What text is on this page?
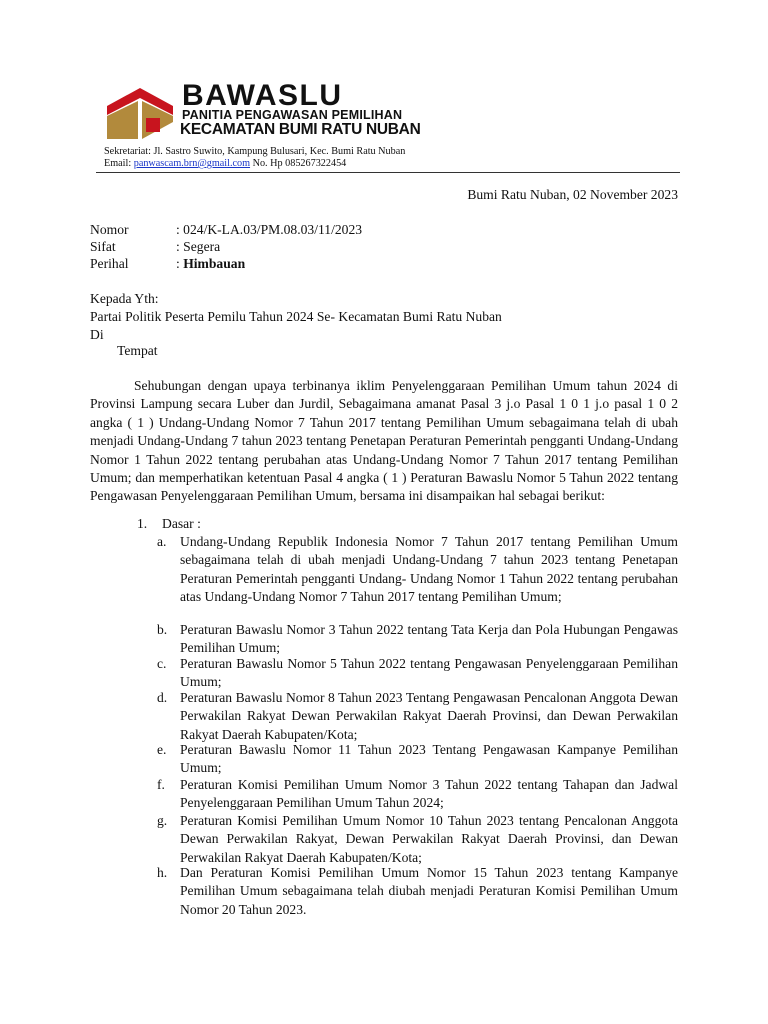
BAWASLU
PANITIA PENGAWASAN PEMILIHAN
KECAMATAN BUMI RATU NUBAN
Sekretariat: Jl. Sastro Suwito, Kampung Bulusari, Kec. Bumi Ratu Nuban
Email: panwascam.brn@gmail.com No. Hp 085267322454
Bumi Ratu Nuban, 02 November 2023
Nomor	: 024/K-LA.03/PM.08.03/11/2023
Sifat	: Segera
Perihal	: Himbauan
Kepada Yth:
Partai Politik Peserta Pemilu Tahun 2024 Se- Kecamatan Bumi Ratu Nuban
Di
Tempat
Sehubungan dengan upaya terbinanya iklim Penyelenggaraan Pemilihan Umum tahun 2024 di Provinsi Lampung secara Luber dan Jurdil, Sebagaimana amanat Pasal 3 j.o Pasal 1 0 1 j.o pasal 1 0 2 angka ( 1 ) Undang-Undang Nomor 7 Tahun 2017 tentang Pemilihan Umum sebagaimana telah di ubah menjadi Undang-Undang 7 tahun 2023 tentang Penetapan Peraturan Pemerintah pengganti Undang-Undang Nomor 1 Tahun 2022 tentang perubahan atas Undang-Undang Nomor 7 Tahun 2017 tentang Pemilihan Umum; dan memperhatikan ketentuan Pasal 4 angka ( 1 ) Peraturan Bawaslu Nomor 5 Tahun 2022 tentang Pengawasan Penyelenggaraan Pemilihan Umum, bersama ini disampaikan hal sebagai berikut:
1. Dasar :
a. Undang-Undang Republik Indonesia Nomor 7 Tahun 2017 tentang Pemilihan Umum sebagaimana telah di ubah menjadi Undang-Undang 7 tahun 2023 tentang Penetapan Peraturan Pemerintah pengganti Undang- Undang Nomor 1 Tahun 2022 tentang perubahan atas Undang-Undang Nomor 7 Tahun 2017 tentang Pemilihan Umum;
b. Peraturan Bawaslu Nomor 3 Tahun 2022 tentang Tata Kerja dan Pola Hubungan Pengawas Pemilihan Umum;
c. Peraturan Bawaslu Nomor 5 Tahun 2022 tentang Pengawasan Penyelenggaraan Pemilihan Umum;
d. Peraturan Bawaslu Nomor 8 Tahun 2023 Tentang Pengawasan Pencalonan Anggota Dewan Perwakilan Rakyat Dewan Perwakilan Rakyat Daerah Provinsi, dan Dewan Perwakilan Rakyat Daerah Kabupaten/Kota;
e. Peraturan Bawaslu Nomor 11 Tahun 2023 Tentang Pengawasan Kampanye Pemilihan Umum;
f. Peraturan Komisi Pemilihan Umum Nomor 3 Tahun 2022 tentang Tahapan dan Jadwal Penyelenggaraan Pemilihan Umum Tahun 2024;
g. Peraturan Komisi Pemilihan Umum Nomor 10 Tahun 2023 tentang Pencalonan Anggota Dewan Perwakilan Rakyat, Dewan Perwakilan Rakyat Daerah Provinsi, dan Dewan Perwakilan Rakyat Daerah Kabupaten/Kota;
h. Dan Peraturan Komisi Pemilihan Umum Nomor 15 Tahun 2023 tentang Kampanye Pemilihan Umum sebagaimana telah diubah menjadi Peraturan Komisi Pemilihan Umum Nomor 20 Tahun 2023.
